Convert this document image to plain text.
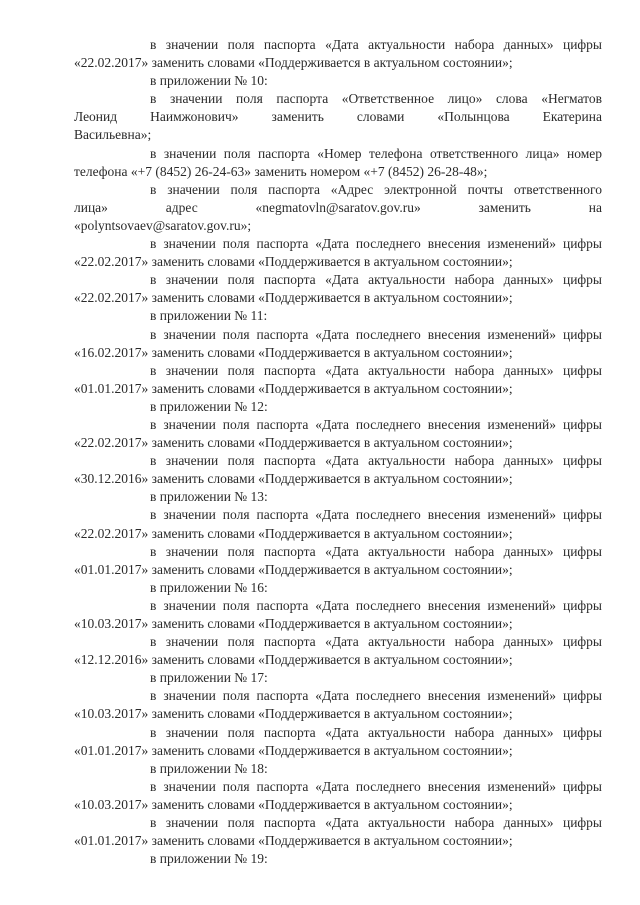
в значении поля паспорта «Дата актуальности набора данных» цифры
«22.02.2017» заменить словами «Поддерживается в актуальном состоянии»;

в приложении № 10:

в значении поля паспорта «Ответственное лицо» слова «Негматов
Леонид Наимжонович» заменить словами «Полынцова Екатерина
Васильевна»;

в значении поля паспорта «Номер телефона ответственного лица» номер
телефона «+7 (8452) 26-24-63» заменить номером «+7 (8452) 26-28-48»;

в значении поля паспорта «Адрес электронной почты ответственного
лица» адрес «negmatovln@saratov.gov.ru» заменить на
«polyntsovaev@saratov.gov.ru»;

в значении поля паспорта «Дата последнего внесения изменений» цифры
«22.02.2017» заменить словами «Поддерживается в актуальном состоянии»;

в значении поля паспорта «Дата актуальности набора данных» цифры
«22.02.2017» заменить словами «Поддерживается в актуальном состоянии»;

в приложении № 11:

в значении поля паспорта «Дата последнего внесения изменений» цифры
«16.02.2017» заменить словами «Поддерживается в актуальном состоянии»;

в значении поля паспорта «Дата актуальности набора данных» цифры
«01.01.2017» заменить словами «Поддерживается в актуальном состоянии»;

в приложении № 12:

в значении поля паспорта «Дата последнего внесения изменений» цифры
«22.02.2017» заменить словами «Поддерживается в актуальном состоянии»;

в значении поля паспорта «Дата актуальности набора данных» цифры
«30.12.2016» заменить словами «Поддерживается в актуальном состоянии»;

в приложении № 13:

в значении поля паспорта «Дата последнего внесения изменений» цифры
«22.02.2017» заменить словами «Поддерживается в актуальном состоянии»;

в значении поля паспорта «Дата актуальности набора данных» цифры
«01.01.2017» заменить словами «Поддерживается в актуальном состоянии»;

в приложении № 16:

в значении поля паспорта «Дата последнего внесения изменений» цифры
«10.03.2017» заменить словами «Поддерживается в актуальном состоянии»;

в значении поля паспорта «Дата актуальности набора данных» цифры
«12.12.2016» заменить словами «Поддерживается в актуальном состоянии»;

в приложении № 17:

в значении поля паспорта «Дата последнего внесения изменений» цифры
«10.03.2017» заменить словами «Поддерживается в актуальном состоянии»;

в значении поля паспорта «Дата актуальности набора данных» цифры
«01.01.2017» заменить словами «Поддерживается в актуальном состоянии»;

в приложении № 18:

в значении поля паспорта «Дата последнего внесения изменений» цифры
«10.03.2017» заменить словами «Поддерживается в актуальном состоянии»;

в значении поля паспорта «Дата актуальности набора данных» цифры
«01.01.2017» заменить словами «Поддерживается в актуальном состоянии»;

в приложении № 19:
